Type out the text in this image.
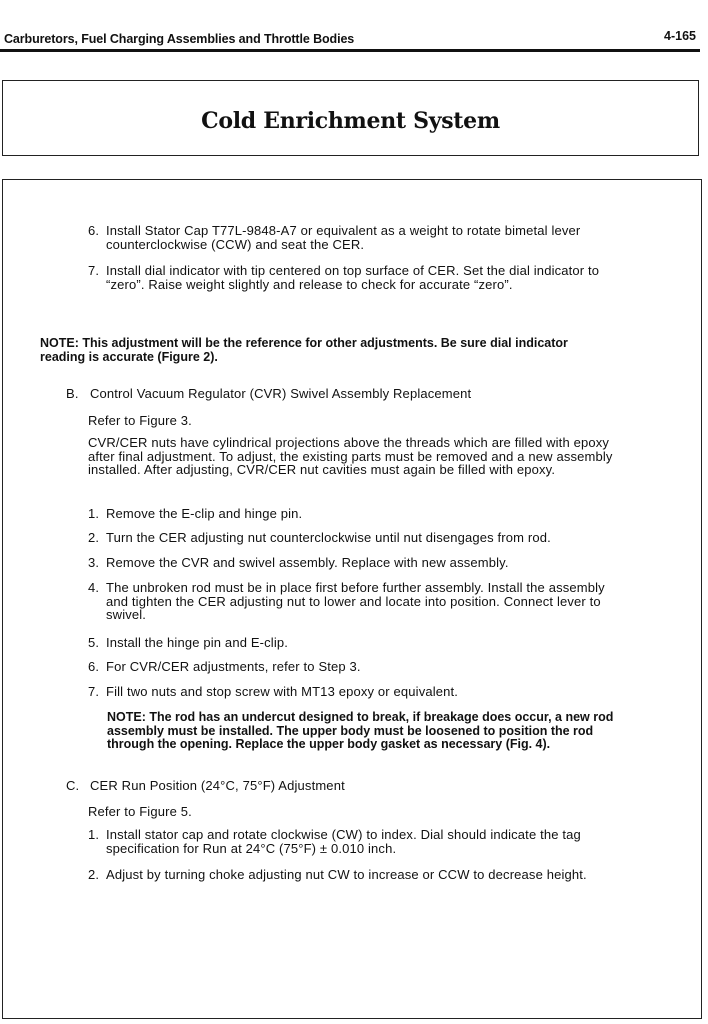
Carburetors, Fuel Charging Assemblies and Throttle Bodies	4-165
Cold Enrichment System
6. Install Stator Cap T77L-9848-A7 or equivalent as a weight to rotate bimetal lever counterclockwise (CCW) and seat the CER.
7. Install dial indicator with tip centered on top surface of CER. Set the dial indicator to “zero”. Raise weight slightly and release to check for accurate “zero”.
NOTE: This adjustment will be the reference for other adjustments. Be sure dial indicator reading is accurate (Figure 2).
B. Control Vacuum Regulator (CVR) Swivel Assembly Replacement
Refer to Figure 3.
CVR/CER nuts have cylindrical projections above the threads which are filled with epoxy after final adjustment. To adjust, the existing parts must be removed and a new assembly installed. After adjusting, CVR/CER nut cavities must again be filled with epoxy.
1. Remove the E-clip and hinge pin.
2. Turn the CER adjusting nut counterclockwise until nut disengages from rod.
3. Remove the CVR and swivel assembly. Replace with new assembly.
4. The unbroken rod must be in place first before further assembly. Install the assembly and tighten the CER adjusting nut to lower and locate into position. Connect lever to swivel.
5. Install the hinge pin and E-clip.
6. For CVR/CER adjustments, refer to Step 3.
7. Fill two nuts and stop screw with MT13 epoxy or equivalent.
NOTE: The rod has an undercut designed to break, if breakage does occur, a new rod assembly must be installed. The upper body must be loosened to position the rod through the opening. Replace the upper body gasket as necessary (Fig. 4).
C. CER Run Position (24°C, 75°F) Adjustment
Refer to Figure 5.
1. Install stator cap and rotate clockwise (CW) to index. Dial should indicate the tag specification for Run at 24°C (75°F) ± 0.010 inch.
2. Adjust by turning choke adjusting nut CW to increase or CCW to decrease height.
